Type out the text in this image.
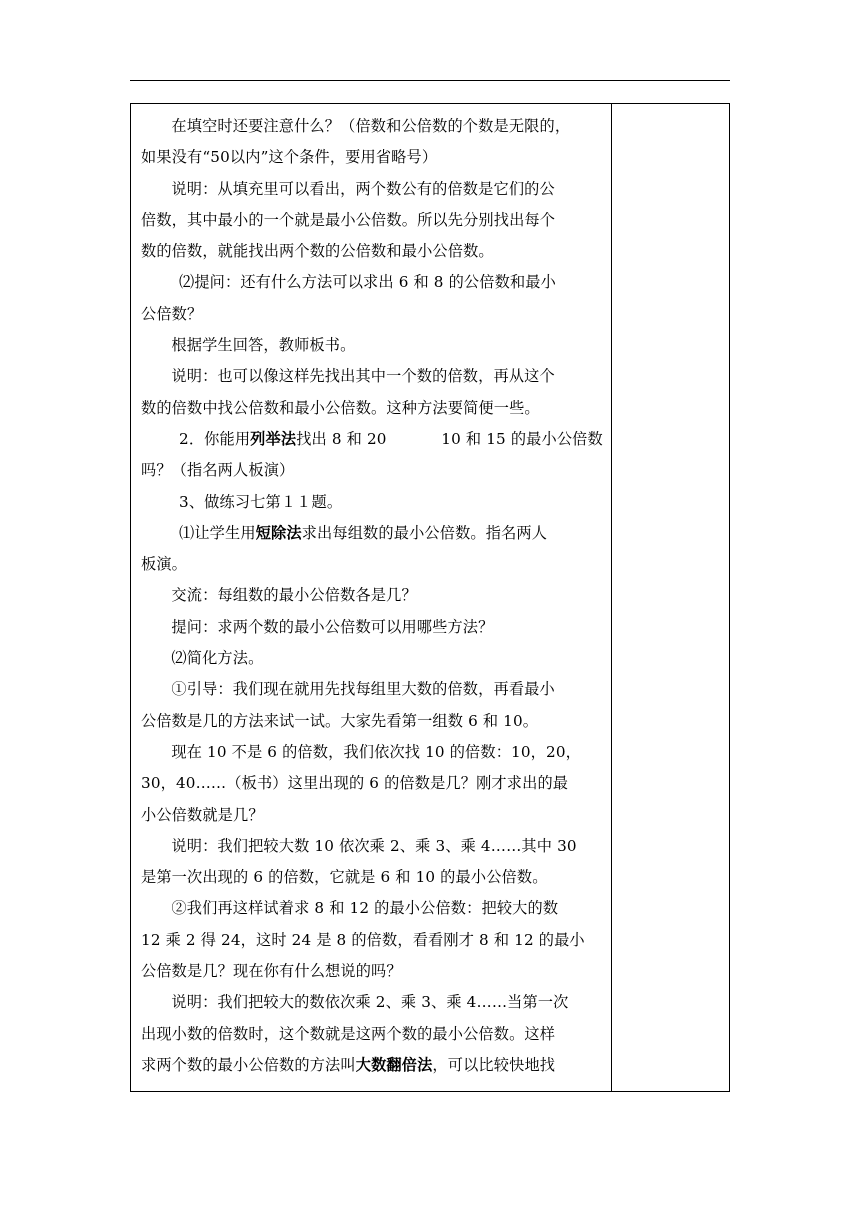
在填空时还要注意什么？（倍数和公倍数的个数是无限的，
如果没有“50以内”这个条件，要用省略号）

说明：从填充里可以看出，两个数公有的倍数是它们的公
倍数，其中最小的一个就是最小公倍数。所以先分别找出每个
数的倍数，就能找出两个数的公倍数和最小公倍数。

⑵提问：还有什么方法可以求出 6 和 8 的公倍数和最小

公倍数？

根据学生回答，教师板书。

说明：也可以像这样先找出其中一个数的倍数，再从这个
数的倍数中找公倍数和最小公倍数。这种方法要简便一些。

2．你能用列举法找出 8 和 20	10 和 15 的最小公倍数

吗？（指名两人板演）

3、做练习七第１１题。

⑴让学生用短除法求出每组数的最小公倍数。指名两人

板演。

交流：每组数的最小公倍数各是几？

提问：求两个数的最小公倍数可以用哪些方法？

⑵简化方法。

①引导：我们现在就用先找每组里大数的倍数，再看最小
公倍数是几的方法来试一试。大家先看第一组数 6 和 10。

现在 10 不是 6 的倍数，我们依次找 10 的倍数：10，20，
30，40……（板书）这里出现的 6 的倍数是几？刚才求出的最
小公倍数就是几？

说明：我们把较大数 10 依次乘 2、乘 3、乘 4……其中 30
是第一次出现的 6 的倍数，它就是 6 和 10 的最小公倍数。

②我们再这样试着求 8 和 12 的最小公倍数：把较大的数
12 乘 2 得 24，这时 24 是 8 的倍数，看看刚才 8 和 12 的最小
公倍数是几？现在你有什么想说的吗？

说明：我们把较大的数依次乘 2、乘 3、乘 4……当第一次
出现小数的倍数时，这个数就是这两个数的最小公倍数。这样
求两个数的最小公倍数的方法叫大数翻倍法，可以比较快地找
